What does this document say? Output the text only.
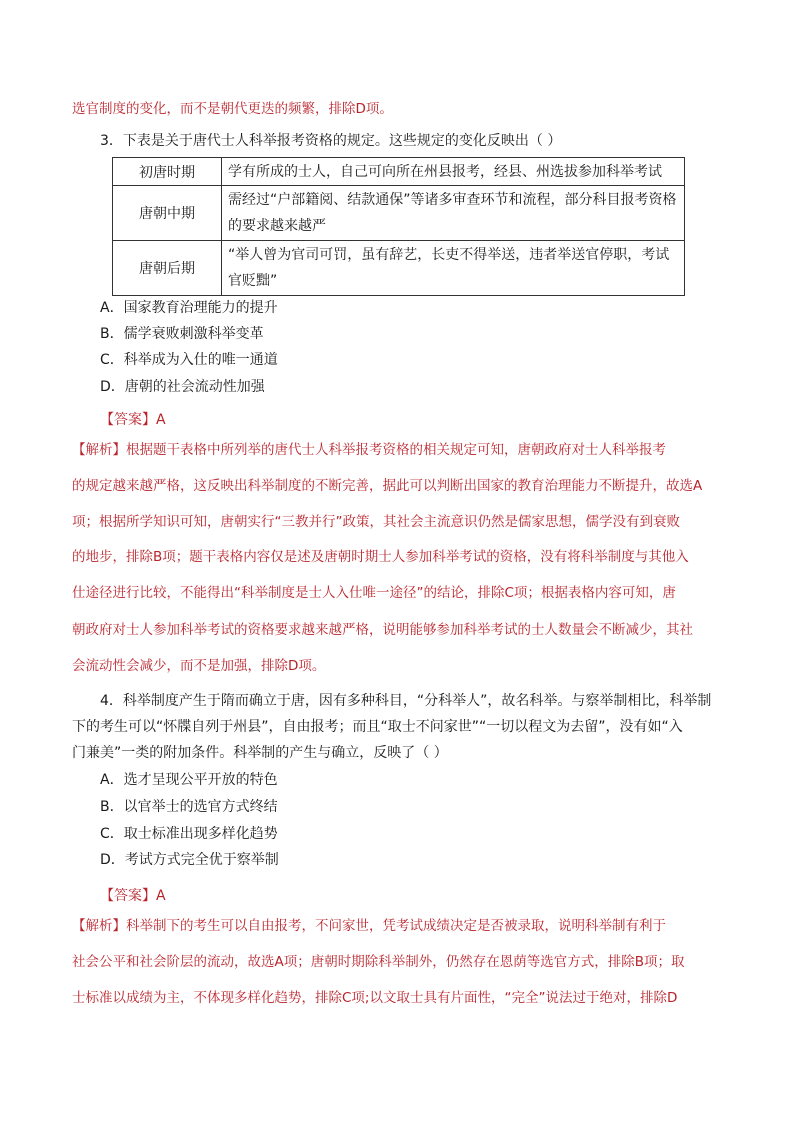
选官制度的变化，而不是朝代更迭的频繁，排除D项。
3．下表是关于唐代士人科举报考资格的规定。这些规定的变化反映出（ ）
初唐时期	学有所成的士人，自己可向所在州县报考，经县、州选拔参加科举考试
唐朝中期	需经过“户部籍阅、结款通保”等诸多审查环节和流程，部分科目报考资格的要求越来越严
唐朝后期	“举人曾为官司可罚，虽有辞艺，长吏不得举送，违者举送官停职，考试官贬黜”
A．国家教育治理能力的提升
B．儒学衰败刺激科举变革
C．科举成为入仕的唯一通道
D．唐朝的社会流动性加强
【答案】A
【解析】根据题干表格中所列举的唐代士人科举报考资格的相关规定可知，唐朝政府对士人科举报考
的规定越来越严格，这反映出科举制度的不断完善，据此可以判断出国家的教育治理能力不断提升，故选A
项；根据所学知识可知，唐朝实行“三教并行”政策，其社会主流意识仍然是儒家思想，儒学没有到衰败
的地步，排除B项；题干表格内容仅是述及唐朝时期士人参加科举考试的资格，没有将科举制度与其他入
仕途径进行比较，不能得出“科举制度是士人入仕唯一途径”的结论，排除C项；根据表格内容可知，唐
朝政府对士人参加科举考试的资格要求越来越严格，说明能够参加科举考试的士人数量会不断减少，其社
会流动性会减少，而不是加强，排除D项。
4．科举制度产生于隋而确立于唐，因有多种科目，“分科举人”，故名科举。与察举制相比，科举制
下的考生可以“怀牒自列于州县”，自由报考；而且“取士不问家世”“一切以程文为去留”，没有如“入
门兼美”一类的附加条件。科举制的产生与确立，反映了（ ）
A．选才呈现公平开放的特色
B．以官举士的选官方式终结
C．取士标准出现多样化趋势
D．考试方式完全优于察举制
【答案】A
【解析】科举制下的考生可以自由报考，不问家世，凭考试成绩决定是否被录取，说明科举制有利于
社会公平和社会阶层的流动，故选A项；唐朝时期除科举制外，仍然存在恩荫等选官方式，排除B项；取
士标准以成绩为主，不体现多样化趋势，排除C项;以文取士具有片面性，“完全”说法过于绝对，排除D
